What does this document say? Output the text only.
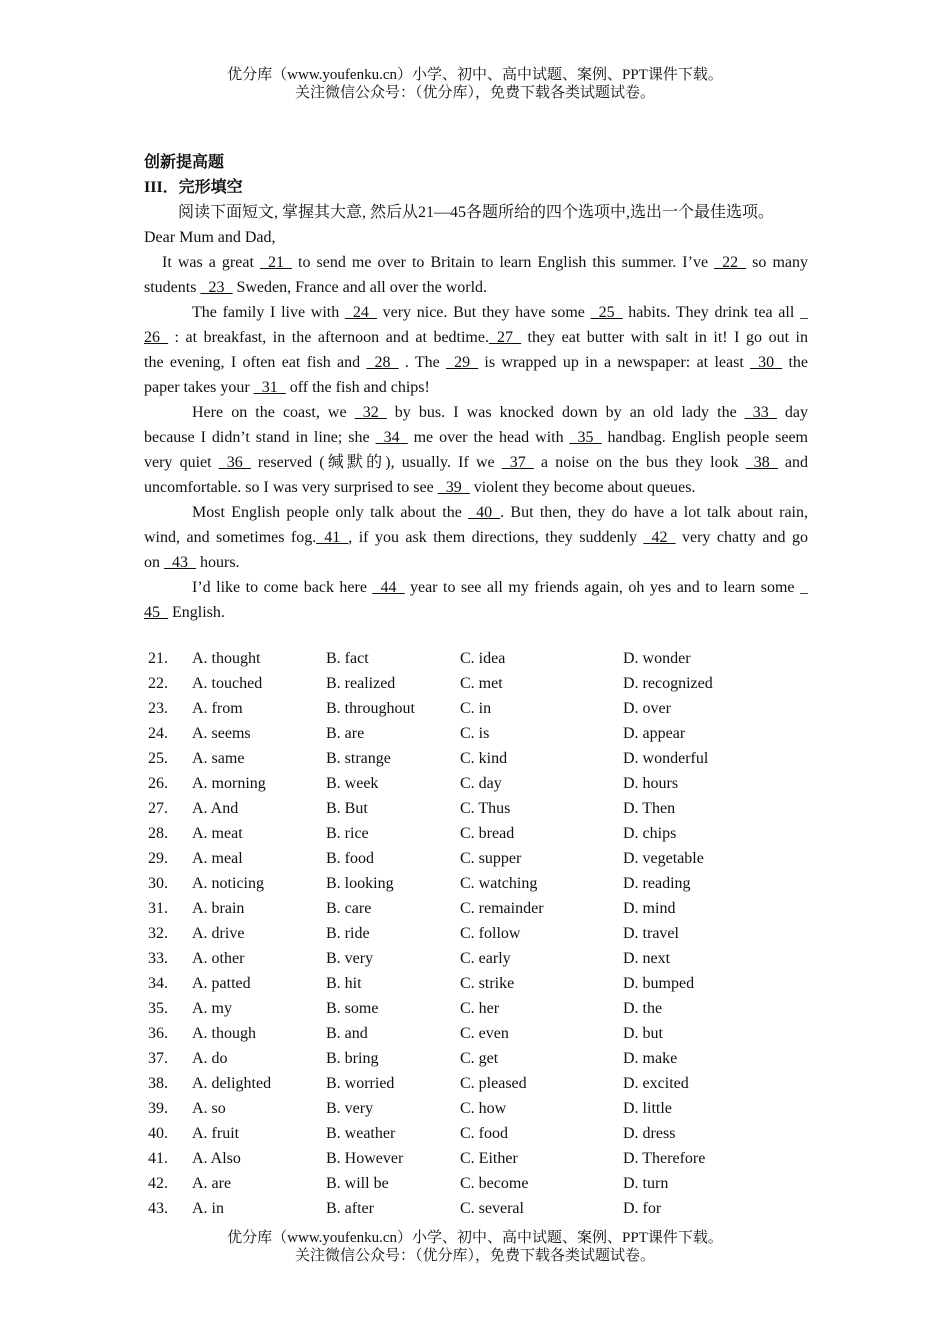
优分库（www.youfenku.cn）小学、初中、高中试题、案例、PPT课件下载。
关注微信公众号：（优分库），免费下载各类试题试卷。
创新提高题
III．完形填空
阅读下面短文, 掌握其大意, 然后从21—45各题所给的四个选项中,选出一个最佳选项。
Dear Mum and Dad,
It was a great _21_ to send me over to Britain to learn English this summer. I’ve _22_ so many
students _23_ Sweden, France and all over the world.
The family I live with _24_ very nice. But they have some _25_ habits. They drink tea all _
26_ : at breakfast, in the afternoon and at bedtime._27_ they eat butter with salt in it! I go out in
the evening, I often eat fish and _28_ . The _29_ is wrapped up in a newspaper: at least _30_ the
paper takes your _31_ off the fish and chips!
Here on the coast, we _32_ by bus. I was knocked down by an old lady the _33_ day
because I didn’t stand in line; she _34_ me over the head with _35_ handbag. English people seem
very quiet _36_ reserved (缄默的), usually. If we _37_ a noise on the bus they look _38_ and
uncomfortable. so I was very surprised to see _39_ violent they become about queues.
Most English people only talk about the _40_. But then, they do have a lot talk about rain,
wind, and sometimes fog._41_, if you ask them directions, they suddenly _42_ very chatty and go
on _43_ hours.
I’d like to come back here _44_ year to see all my friends again, oh yes and to learn some _
45_ English.
21. A. thought	B. fact	C. idea	D. wonder
22. A. touched	B. realized	C. met	D. recognized
23. A. from	B. throughout	C. in	D. over
24. A. seems	B. are	C. is	D. appear
25. A. same	B. strange	C. kind	D. wonderful
26. A. morning	B. week	C. day	D. hours
27. A. And	B. But	C. Thus	D. Then
28. A. meat	B. rice	C. bread	D. chips
29. A. meal	B. food	C. supper	D. vegetable
30. A. noticing	B. looking	C. watching	D. reading
31. A. brain	B. care	C. remainder	D. mind
32. A. drive	B. ride	C. follow	D. travel
33. A. other	B. very	C. early	D. next
34. A. patted	B. hit	C. strike	D. bumped
35. A. my	B. some	C. her	D. the
36. A. though	B. and	C. even	D. but
37. A. do	B. bring	C. get	D. make
38. A. delighted	B. worried	C. pleased	D. excited
39. A. so	B. very	C. how	D. little
40. A. fruit	B. weather	C. food	D. dress
41. A. Also	B. However	C. Either	D. Therefore
42. A. are	B. will be	C. become	D. turn
43. A. in	B. after	C. several	D. for
优分库（www.youfenku.cn）小学、初中、高中试题、案例、PPT课件下载。
关注微信公众号：（优分库），免费下载各类试题试卷。
